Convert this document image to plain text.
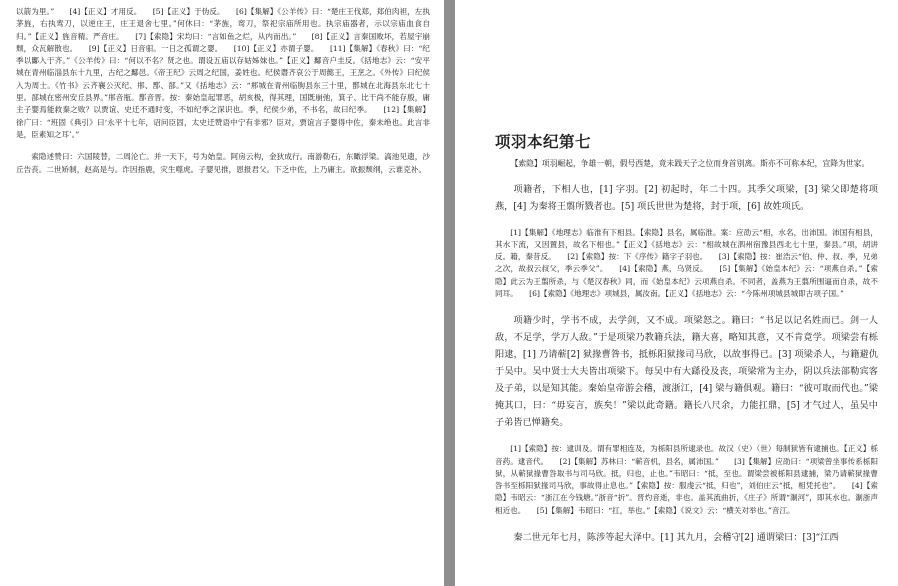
以箭为里。”　　[4]【正义】才用反。　　[5]【正义】于伪反。　　[6]【集解】《公羊传》曰：“楚庄王伐郑，郑伯肉袒，左执茅旌，右执鸾刀，以逆庄王，庄王退舍七里。”何休曰：“茅旌，鸾刀，祭祀宗庙所用也。执宗庙器者，示以宗庙血食自归。”【正义】旌音精。严音庄。　　[7]【索隐】宋均曰：“言如鱼之烂，从内而出。”　　[8]【正义】言秦国败坏，若屋宇崩颓，众瓦解散也。　　[9]【正义】日音驲。一日之孤谓之婴。　　[10]【正义】亦谓子婴。　　[11]【集解】《春秋》曰：“纪季以酅入于齐。”《公羊传》曰：“何以不名？贤之也。谓设五庙以存姑姊妹也。”【正义】酅音户圭反。《括地志》云：“安平城在青州临淄县东十九里，古纪之酅邑。《帝王纪》云周之纪国，姜姓也。纪侯谮齐哀公于周懿王，王烹之。《外传》曰纪侯入为周士。《竹书》云齐襄公灭纪、郱、鄑、郚。”又《括地志》云：“郱城在青州临朐县东三十里，鄑城在北海县东北七十里。郚城在密州安丘县界。”郱音瓶。鄑音晋。按：秦始皇起罪恶，胡亥极，得其理，国既崩弛，箕子、比干尚不能存殷，庸主子婴焉能救秦之败？以贾谊、史迁不通时变，不如纪季之深识也。季，纪侯少弟，不书名，故曰纪季。　　[12]【集解】徐广曰：“班固《典引》曰‘永平十七年，诏问臣固，太史迁赞语中宁有非邪？臣对，贾谊言子婴得中佐，秦未绝也。此言非是，臣素知之耳’。”

索隐述赞曰：六国陵替，二周沦亡。并一天下，号为始皇。阿房云构，金狄成行。南游勒石，东瞰浮梁。滈池见遗，沙丘告丧。二世矫制，赵高是与。诈因指鹿，灾生噬虎。子婴见推，恩报君父。下乏中佐，上乃庸主。欲振颓纲，云谁克补。

项羽本纪第七

【索隐】项羽崛起，争雄一朝，假号西楚，竟未践天子之位而身首别离。斯亦不可称本纪，宜降为世家。

项籍者，下相人也，[1] 字羽。[2] 初起时，年二十四。其季父项梁，[3] 梁父即楚将项燕，[4] 为秦将王翦所戮者也。[5] 项氏世世为楚将，封于项，[6] 故姓项氏。

[1]【集解】《地理志》临淮有下相县。【索隐】县名，属临淮。案：应劭云“相，水名，出沛国。沛国有相县，其水下流，又因置县，故名下相也。”【正义】《括地志》云：“相故城在泗州宿豫县西北七十里，秦县。”项，胡讲反。籍，秦昔反。　　[2]【索隐】按：下《序传》籍字子羽也。　　[3]【索隐】按：崔浩云“伯、仲、叔、季，兄弟之次，故叔云叔父，季云季父”。　　[4]【索隐】燕，乌贤反。　　[5]【集解】《始皇本纪》云：“项燕自杀。”【索隐】此云为王翦所杀，与《楚汉春秋》同，而《始皇本纪》云项燕自杀。不同者，盖燕为王翦所围逼而自杀，故不同耳。　　[6]【索隐】《地理志》项城县，属汝南。【正义】《括地志》云：“今陈州项城县城即古项子国。”

项籍少时，学书不成，去学剑，又不成。项梁怒之。籍曰：“书足以记名姓而已。剑一人敌，不足学，学万人敌。”于是项梁乃教籍兵法，籍大喜，略知其意，又不肯竟学。项梁尝有栎阳逮，[1] 乃请蕲[2] 狱掾曹咎书，抵栎阳狱掾司马欣，以故事得已。[3] 项梁杀人，与籍避仇于吴中。吴中贤士大夫皆出项梁下。每吴中有大繇役及丧，项梁常为主办，阴以兵法部勒宾客及子弟，以是知其能。秦始皇帝游会稽，渡浙江，[4] 梁与籍俱观。籍曰：“彼可取而代也。”梁掩其口，曰：“毋妄言，族矣！”梁以此奇籍。籍长八尺余，力能扛鼎，[5] 才气过人，虽吴中子弟皆已惮籍矣。

[1]【索隐】按：逮训及。谓有罪相连及，为栎阳县所逮录也。故汉（史）（世）每制狱皆有逮捕也。【正义】栎音药。逮音代。　　[2]【集解】苏林曰：“蕲音机，县名，属沛国。”　　[3]【集解】应劭曰：“项梁曾坐事传系栎阳狱，从蕲狱掾曹咎取书与司马欣。抵，归也，止也。”韦昭曰：“抵，至也。谓梁尝被栎阳县逮捕，梁乃请蕲狱掾曹咎书至栎阳狱掾司马欣，事故得止息也。”【索隐】按：服虔云“抵，归也”，刘伯庄云“抵，相凭托也”。　　[4]【索隐】韦昭云：“浙江在今钱塘。”浙音“折”。晋灼音逝，非也。盖其流曲折，《庄子》所谓“淛河”，即其水也。淛浙声相近也。　　[5]【集解】韦昭曰：“扛，举也。”【索隐】《说文》云：“横关对举也。”音江。

秦二世元年七月，陈涉等起大泽中。[1] 其九月，会稽守[2] 通谓梁曰：[3]“江西
